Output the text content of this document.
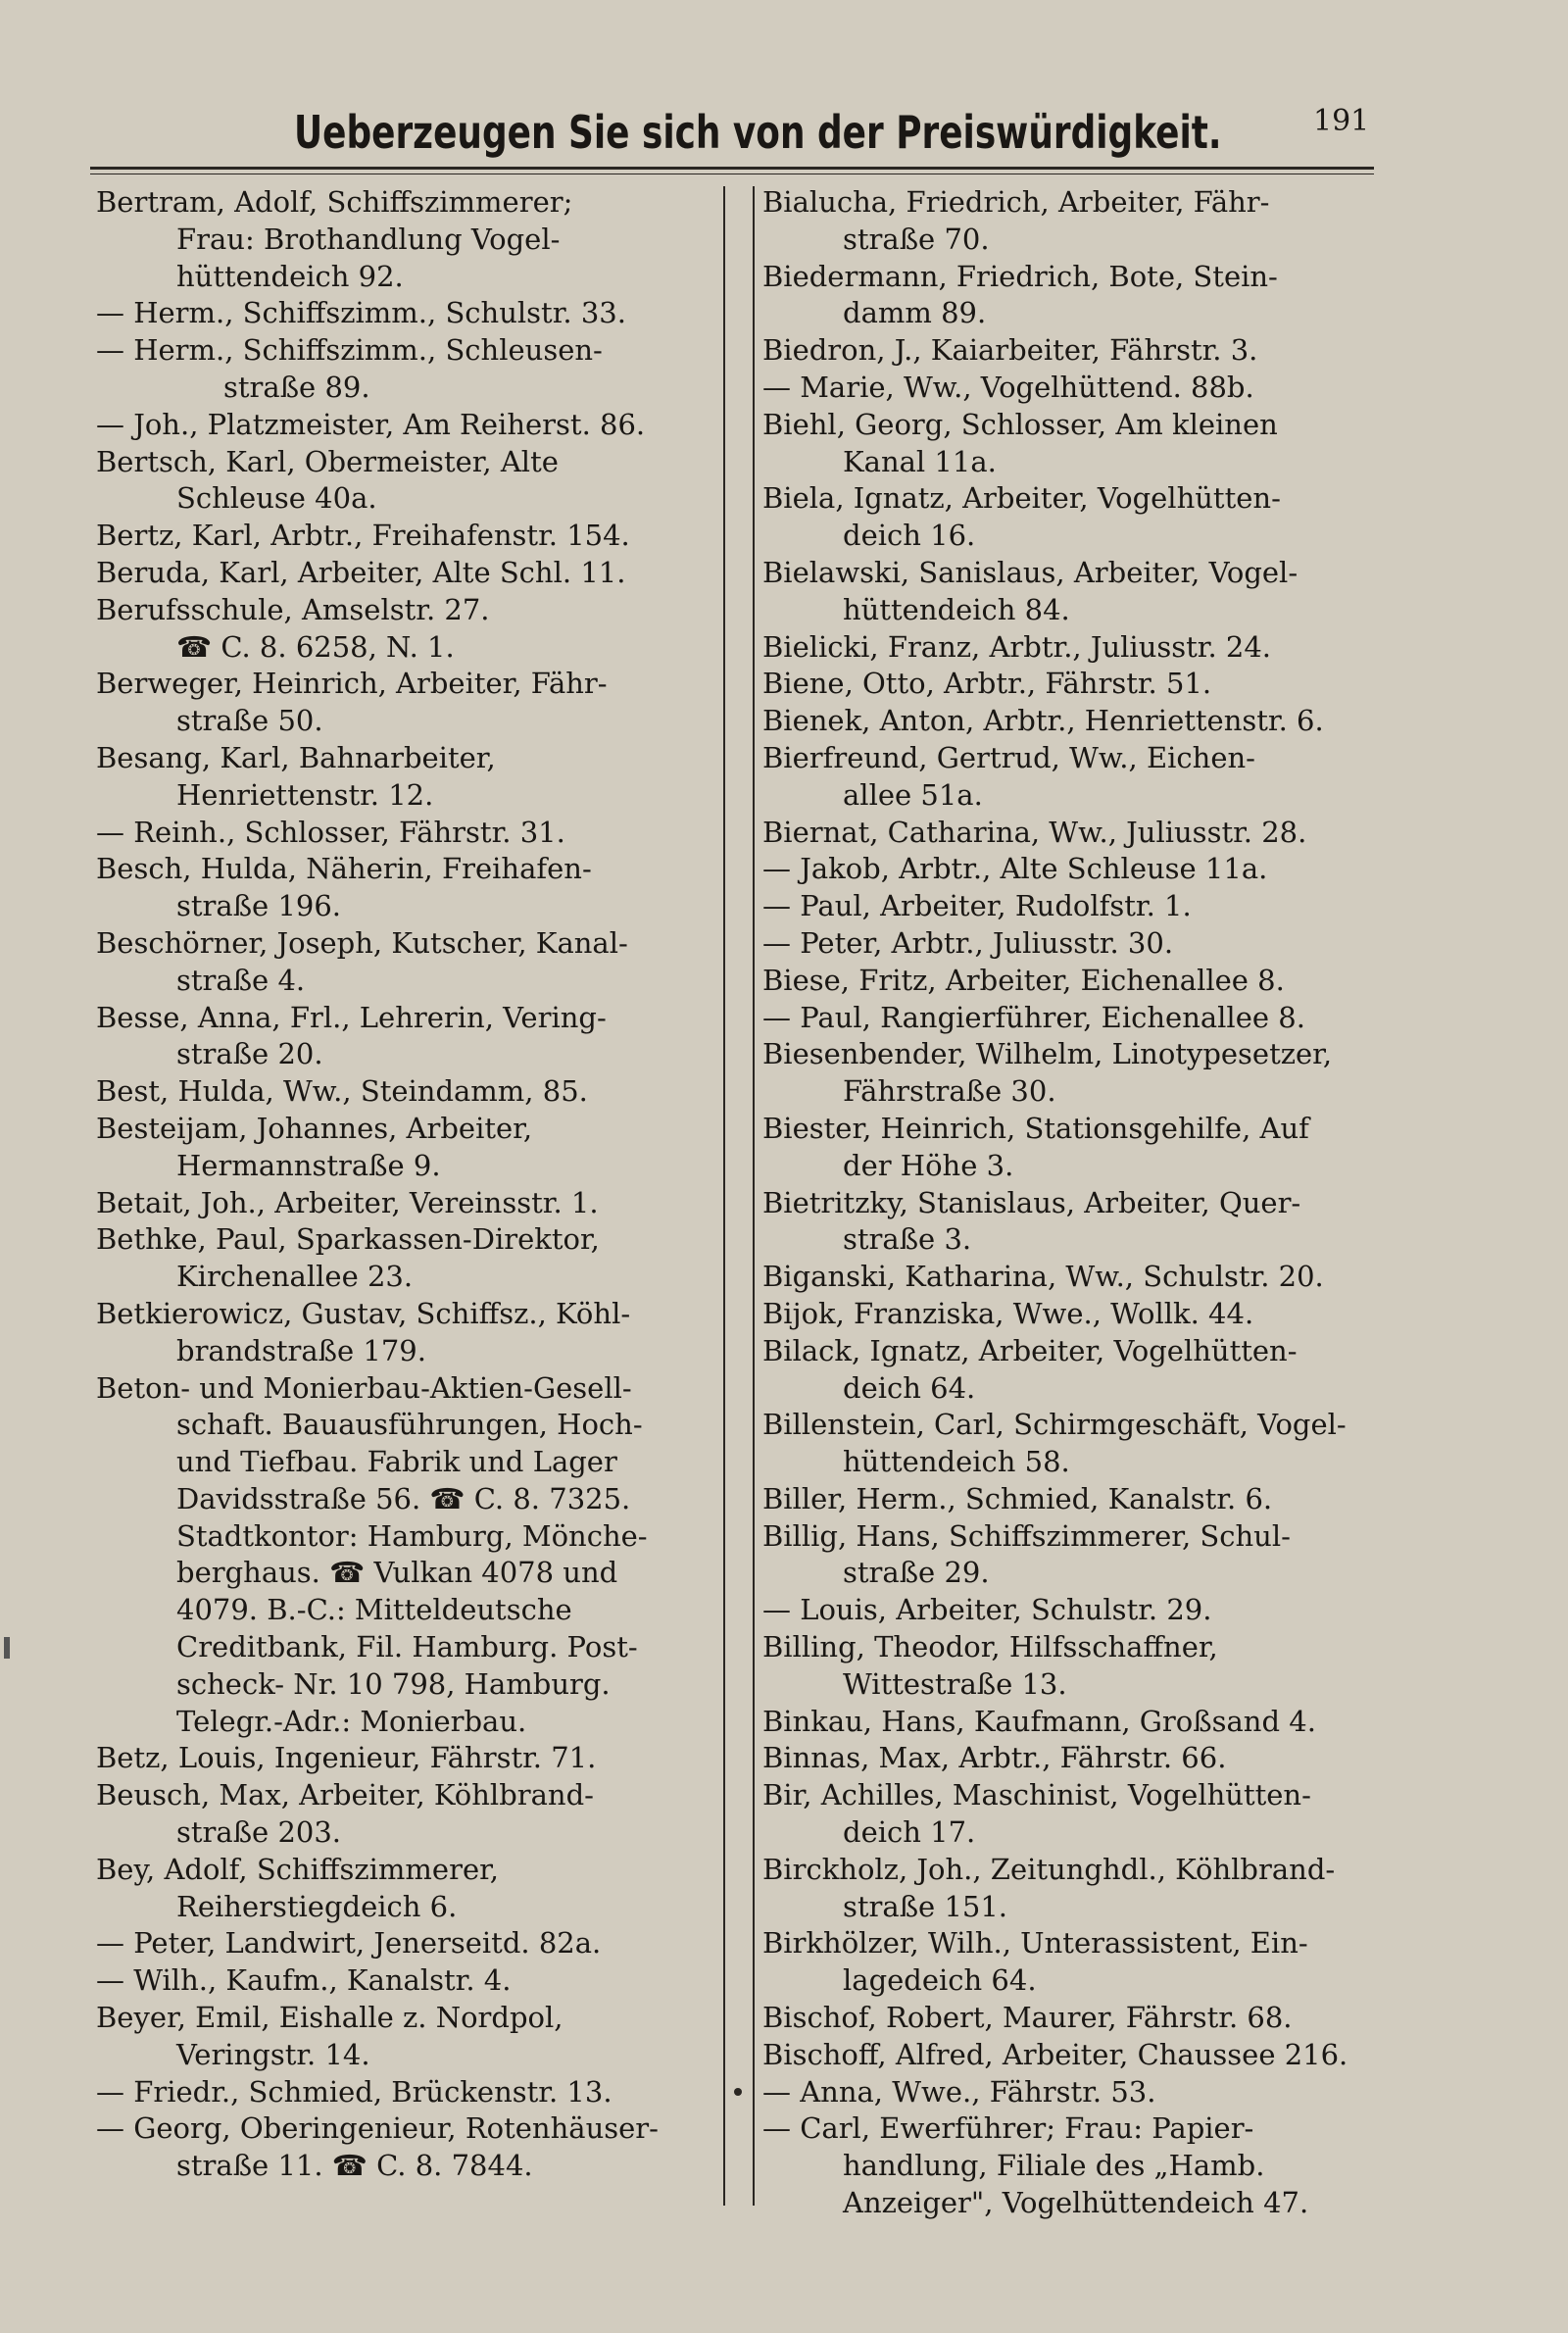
Ueberzeugen Sie sich von der Preiswürdigkeit.	191
Bertram, Adolf, Schiffszimmerer;
Frau: Brothandlung Vogel-
hüttendeich 92.
— Herm., Schiffszimm., Schulstr. 33.
— Herm., Schiffszimm., Schleusen-
straße 89.
— Joh., Platzmeister, Am Reiherst. 86.
Bertsch, Karl, Obermeister, Alte
Schleuse 40a.
Bertz, Karl, Arbtr., Freihafenstr. 154.
Beruda, Karl, Arbeiter, Alte Schl. 11.
Berufsschule, Amselstr. 27.
☎ C. 8. 6258, N. 1.
Berweger, Heinrich, Arbeiter, Fähr-
straße 50.
Besang, Karl, Bahnarbeiter,
Henriettenstr. 12.
— Reinh., Schlosser, Fährstr. 31.
Besch, Hulda, Näherin, Freihafen-
straße 196.
Beschörner, Joseph, Kutscher, Kanal-
straße 4.
Besse, Anna, Frl., Lehrerin, Vering-
straße 20.
Best, Hulda, Ww., Steindamm, 85.
Besteijam, Johannes, Arbeiter,
Hermannstraße 9.
Betait, Joh., Arbeiter, Vereinsstr. 1.
Bethke, Paul, Sparkassen-Direktor,
Kirchenallee 23.
Betkierowicz, Gustav, Schiffsz., Köhl-
brandstraße 179.
Beton- und Monierbau-Aktien-Gesell-
schaft. Bauausführungen, Hoch-
und Tiefbau. Fabrik und Lager
Davidsstraße 56. ☎ C. 8. 7325.
Stadtkontor: Hamburg, Mönche-
berghaus. ☎ Vulkan 4078 und
4079. B.-C.: Mitteldeutsche
Creditbank, Fil. Hamburg. Post-
scheck- Nr. 10 798, Hamburg.
Telegr.-Adr.: Monierbau.
Betz, Louis, Ingenieur, Fährstr. 71.
Beusch, Max, Arbeiter, Köhlbrand-
straße 203.
Bey, Adolf, Schiffszimmerer,
Reiherstiegdeich 6.
— Peter, Landwirt, Jenerseitd. 82a.
— Wilh., Kaufm., Kanalstr. 4.
Beyer, Emil, Eishalle z. Nordpol,
Veringstr. 14.
— Friedr., Schmied, Brückenstr. 13.
— Georg, Oberingenieur, Rotenhäuser-
straße 11. ☎ C. 8. 7844.
Bialucha, Friedrich, Arbeiter, Fähr-
straße 70.
Biedermann, Friedrich, Bote, Stein-
damm 89.
Biedron, J., Kaiarbeiter, Fährstr. 3.
— Marie, Ww., Vogelhüttend. 88b.
Biehl, Georg, Schlosser, Am kleinen
Kanal 11a.
Biela, Ignatz, Arbeiter, Vogelhütten-
deich 16.
Bielawski, Sanislaus, Arbeiter, Vogel-
hüttendeich 84.
Bielicki, Franz, Arbtr., Juliusstr. 24.
Biene, Otto, Arbtr., Fährstr. 51.
Bienek, Anton, Arbtr., Henriettenstr. 6.
Bierfreund, Gertrud, Ww., Eichen-
allee 51a.
Biernat, Catharina, Ww., Juliusstr. 28.
— Jakob, Arbtr., Alte Schleuse 11a.
— Paul, Arbeiter, Rudolfstr. 1.
— Peter, Arbtr., Juliusstr. 30.
Biese, Fritz, Arbeiter, Eichenallee 8.
— Paul, Rangierführer, Eichenallee 8.
Biesenbender, Wilhelm, Linotypesetzer,
Fährstraße 30.
Biester, Heinrich, Stationsgehilfe, Auf
der Höhe 3.
Bietritzky, Stanislaus, Arbeiter, Quer-
straße 3.
Biganski, Katharina, Ww., Schulstr. 20.
Bijok, Franziska, Wwe., Wollk. 44.
Bilack, Ignatz, Arbeiter, Vogelhütten-
deich 64.
Billenstein, Carl, Schirmgeschäft, Vogel-
hüttendeich 58.
Biller, Herm., Schmied, Kanalstr. 6.
Billig, Hans, Schiffszimmerer, Schul-
straße 29.
— Louis, Arbeiter, Schulstr. 29.
Billing, Theodor, Hilfsschaffner,
Wittestraße 13.
Binkau, Hans, Kaufmann, Großsand 4.
Binnas, Max, Arbtr., Fährstr. 66.
Bir, Achilles, Maschinist, Vogelhütten-
deich 17.
Birckholz, Joh., Zeitunghdl., Köhlbrand-
straße 151.
Birkhölzer, Wilh., Unterassistent, Ein-
lagedeich 64.
Bischof, Robert, Maurer, Fährstr. 68.
Bischoff, Alfred, Arbeiter, Chaussee 216.
— Anna, Wwe., Fährstr. 53.
— Carl, Ewerführer; Frau: Papier-
handlung, Filiale des „Hamb.
Anzeiger", Vogelhüttendeich 47.
